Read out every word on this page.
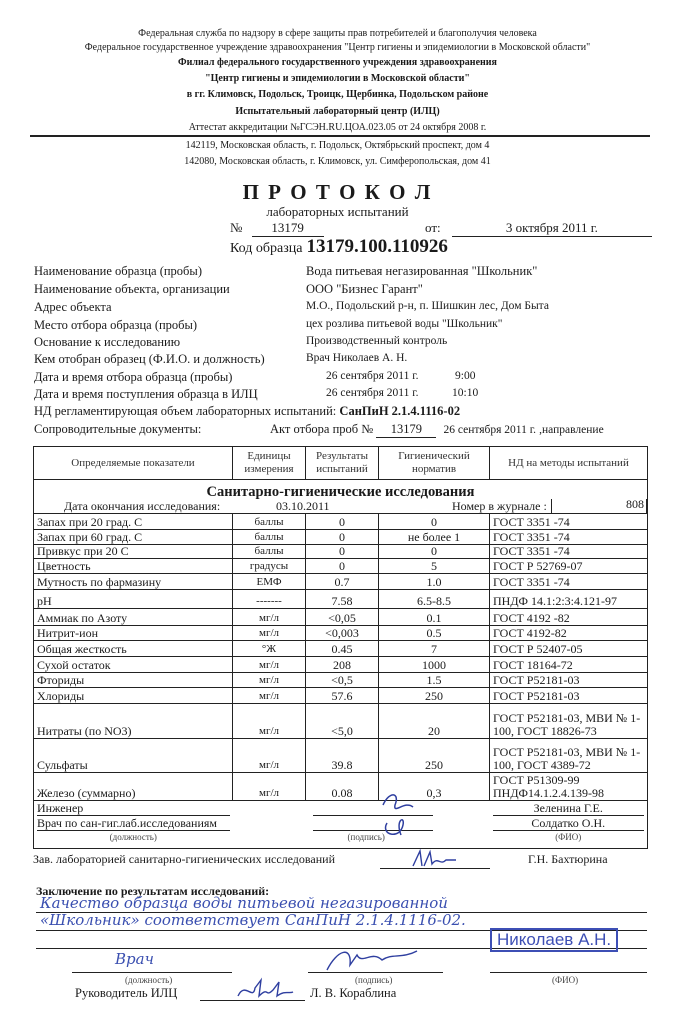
Федеральная служба по надзору в сфере защиты прав потребителей и благополучия человека
Федеральное государственное учреждение здравоохранения "Центр гигиены и эпидемиологии в Московской области"
Филиал федерального государственного учреждения здравоохранения
"Центр гигиены и эпидемиологии в Московской области"
в гг. Климовск, Подольск, Троицк, Щербинка, Подольском районе
Испытательный лабораторный центр (ИЛЦ)
Аттестат аккредитации №ГСЭН.RU.ЦОА.023.05 от 24 октября 2008 г.
142119, Московская область, г. Подольск, Октябрьский проспект, дом 4
142080, Московская область, г. Климовск, ул. Симферопольская, дом 41
П Р О Т О К О Л
лабораторных испытаний
№ 13179	от:	3 октября 2011 г.
Код образца 13179.100.110926
Наименование образца (пробы)	Вода питьевая негазированная "Школьник"
Наименование объекта, организации	ООО "Бизнес Гарант"
Адрес объекта	М.О., Подольский р-н, п. Шишкин лес, Дом Быта
Место отбора образца (пробы)	цех розлива питьевой воды "Школьник"
Основание к исследованию	Производственный контроль
Кем отобран образец (Ф.И.О. и должность)	Врач Николаев А. Н.
Дата и время отбора образца (пробы)	26 сентября 2011 г.	9:00
Дата и время поступления образца в ИЛЦ	26 сентября 2011 г.	10:10
НД регламентирующая объем лабораторных испытаний: СанПиН 2.1.4.1116-02
Сопроводительные документы:	Акт отбора проб № 13179 26 сентября 2011 г. ,направление
Определяемые показатели	Единицы измерения	Результаты испытаний	Гигиенический норматив	НД на методы испытаний
Санитарно-гигиенические исследования				

Дата окончания исследования: 03.10.2011 Номер в журнале : 808				

Запах при 20 град. С	баллы	0	0	ГОСТ 3351 -74
Запах при 60 град. С	баллы	0	не более 1	ГОСТ 3351 -74
Привкус при 20 С	баллы	0	0	ГОСТ 3351 -74
Цветность	градусы	0	5	ГОСТ Р 52769-07
Мутность по фармазину	ЕМФ	0.7	1.0	ГОСТ 3351 -74
pH	-------	7.58	6.5-8.5	ПНДФ 14.1:2:3:4.121-97
Аммиак по Азоту	мг/л	<0,05	0.1	ГОСТ 4192 -82
Нитрит-ион	мг/л	<0,003	0.5	ГОСТ 4192-82
Общая жесткость	°Ж	0.45	7	ГОСТ Р 52407-05
Сухой остаток	мг/л	208	1000	ГОСТ 18164-72
Фториды	мг/л	<0,5	1.5	ГОСТ Р52181-03
Хлориды	мг/л	57.6	250	ГОСТ Р52181-03
Нитраты (по NO3)	мг/л	<5,0	20	ГОСТ Р52181-03, МВИ № 1-100, ГОСТ 18826-73
Сульфаты	мг/л	39.8	250	ГОСТ Р52181-03, МВИ № 1-100, ГОСТ 4389-72
Железо (суммарно)	мг/л	0.08	0,3	ГОСТ Р51309-99 ПНДФ14.1.2.4.139-98

Инженер				Зеленина Г.Е.

Врач по сан-гиг.лаб.исследованиям				Солдатко О.Н.

(должность)	(подпись)			(ФИО)
Зав. лабораторией санитарно-гигиенических исследований	Г.Н. Бахтюрина
Заключение по результатам исследований:
Качество образца воды питьевой негазированной
«Школьник» соответствует СанПиН 2.1.4.1116-02.
Врач
Николаев А.Н.
(должность)	(подпись)	(ФИО)
Руководитель ИЛЦ	Л. В. Кораблина
